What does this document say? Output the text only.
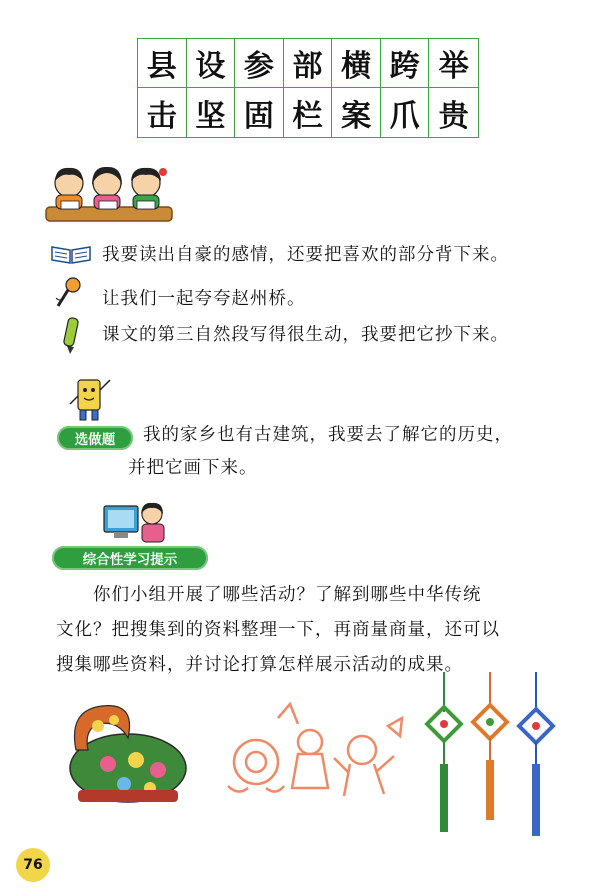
县 设 参 部 横 跨 举
击 坚 固 栏 案 爪 贵
我要读出自豪的感情，还要把喜欢的部分背下来。
让我们一起夸夸赵州桥。
课文的第三自然段写得很生动，我要把它抄下来。
选做题	我的家乡也有古建筑，我要去了解它的历史，
并把它画下来。
综合性学习提示
你们小组开展了哪些活动？了解到哪些中华传统
文化？把搜集到的资料整理一下，再商量商量，还可以
搜集哪些资料，并讨论打算怎样展示活动的成果。
76
